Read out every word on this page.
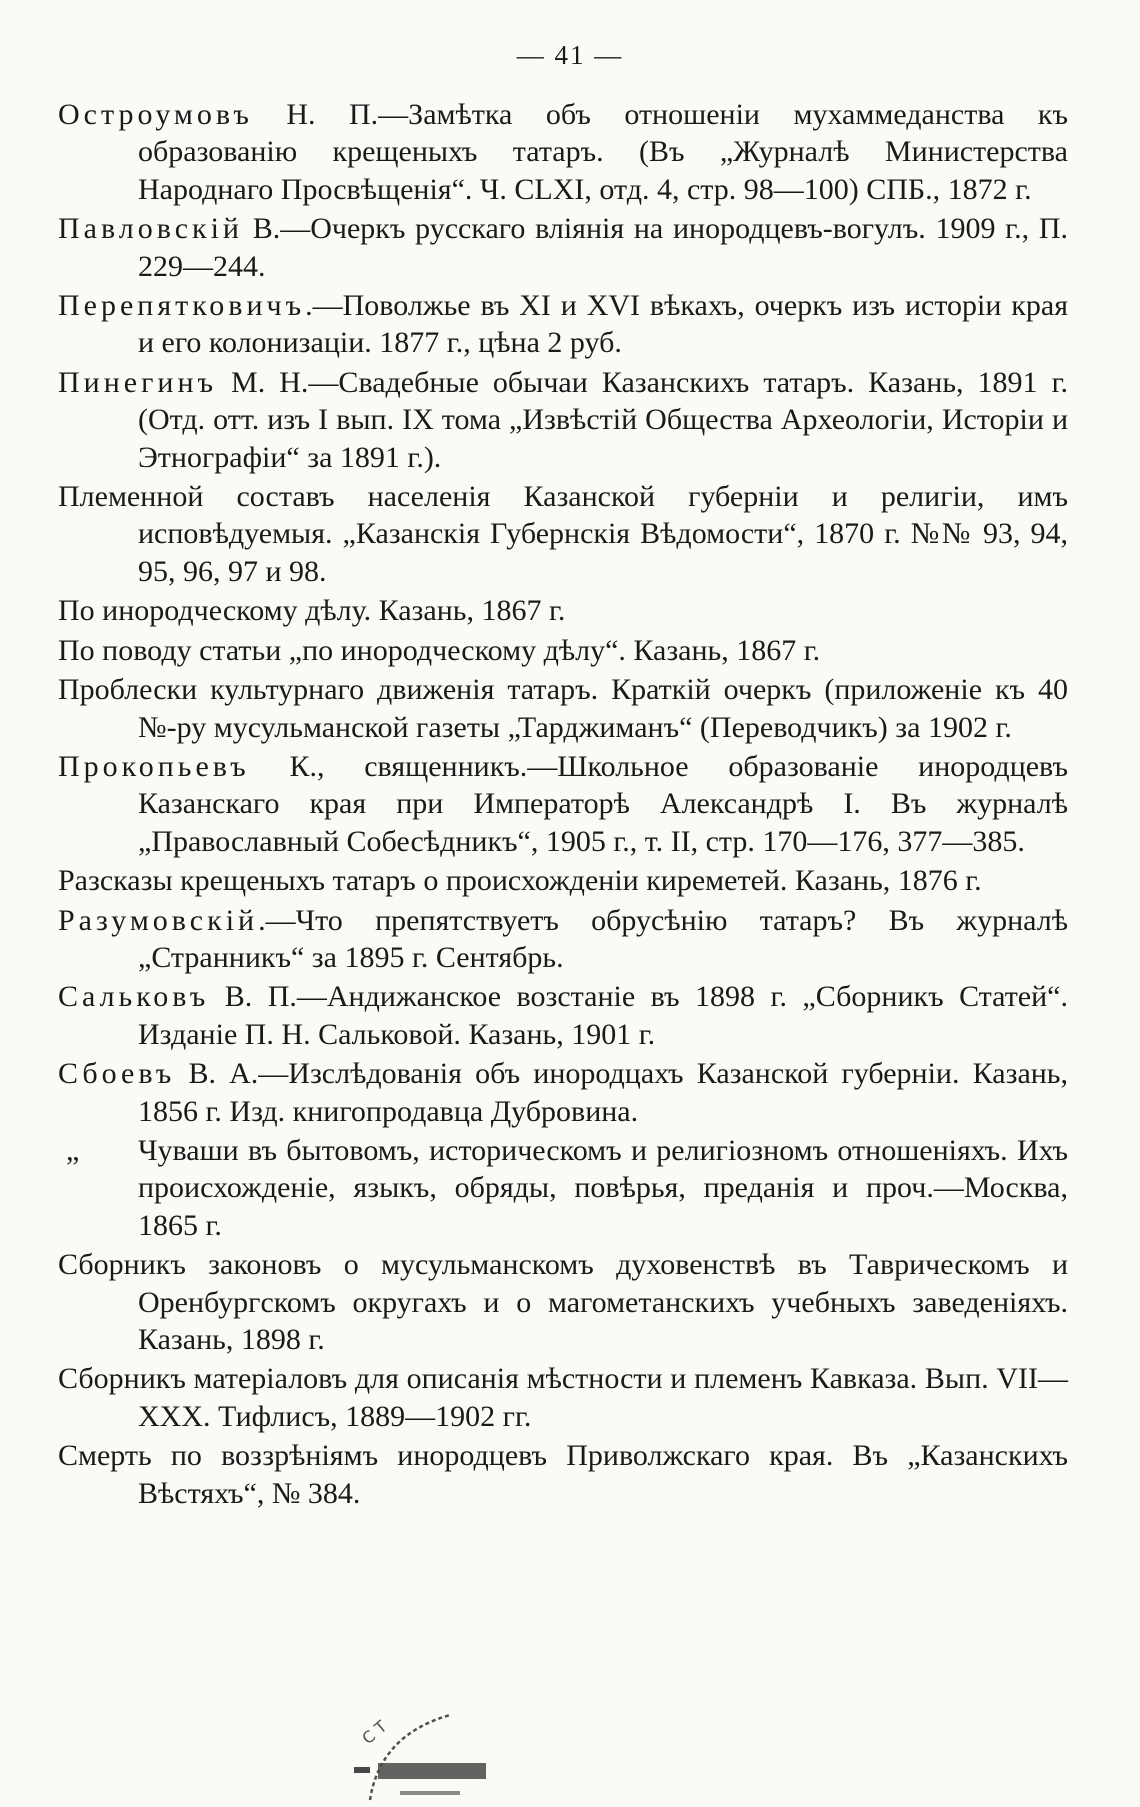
— 41 —

Остроумовъ Н. П.—Замѣтка объ отношенiи мухаммеданства къ образованiю крещеныхъ татаръ. (Въ „Журналѣ Министерства Народнаго Просвѣщенiя“. Ч. CLXI, отд. 4, стр. 98—100) СПБ., 1872 г.

Павловскiй В.—Очеркъ русскаго влiянiя на инородцевъ-вогулъ. 1909 г., П. 229—244.

Перепятковичъ.—Поволжье въ XI и XVI вѣкахъ, очеркъ изъ исторiи края и его колонизацiи. 1877 г., цѣна 2 руб.

Пинегинъ М. Н.—Свадебные обычаи Казанскихъ татаръ. Казань, 1891 г. (Отд. отт. изъ I вып. IX тома „Извѣстiй Общества Археологiи, Исторiи и Этнографiи“ за 1891 г.).

Племенной составъ населенiя Казанской губернiи и религiи, имъ исповѣдуемыя. „Казанскiя Губернскiя Вѣдомости“, 1870 г. №№ 93, 94, 95, 96, 97 и 98.

По инородческому дѣлу. Казань, 1867 г.

По поводу статьи „по инородческому дѣлу“. Казань, 1867 г.

Проблески культурнаго движенiя татаръ. Краткiй очеркъ (приложенiе къ 40 №-ру мусульманской газеты „Тарджиманъ“ (Переводчикъ) за 1902 г.

Прокопьевъ К., священникъ.—Школьное образованiе инородцевъ Казанскаго края при Императорѣ Александрѣ I. Въ журналѣ „Православный Собесѣдникъ“, 1905 г., т. II, стр. 170—176, 377—385.

Разсказы крещеныхъ татаръ о происхожденiи киреметей. Казань, 1876 г.

Разумовскiй.—Что препятствуетъ обрусѣнiю татаръ? Въ журналѣ „Странникъ“ за 1895 г. Сентябрь.

Сальковъ В. П.—Андижанское возстанiе въ 1898 г. „Сборникъ Статей“. Изданiе П. Н. Сальковой. Казань, 1901 г.

Сбоевъ В. А.—Изслѣдованiя объ инородцахъ Казанской губернiи. Казань, 1856 г. Изд. книгопродавца Дубровина.

„ Чуваши въ бытовомъ, историческомъ и религiозномъ отношенiяхъ. Ихъ происхожденiе, языкъ, обряды, повѣрья, преданiя и проч.—Москва, 1865 г.

Сборникъ законовъ о мусульманскомъ духовенствѣ въ Таврическомъ и Оренбургскомъ округахъ и о магометанскихъ учебныхъ заведенiяхъ. Казань, 1898 г.

Сборникъ матерiаловъ для описанiя мѣстности и племенъ Кавказа. Вып. VII—XXX. Тифлисъ, 1889—1902 гг.

Смерть по воззрѣнiямъ инородцевъ Приволжскаго края. Въ „Казанскихъ Вѣстяхъ“, № 384.

С Т
